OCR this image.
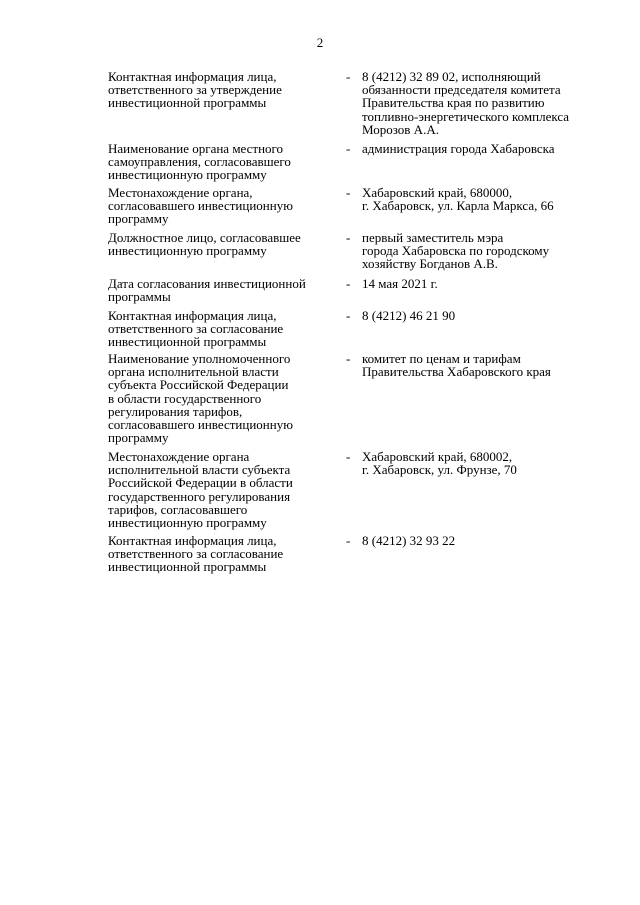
2
Контактная информация лица,
ответственного за утверждение
инвестиционной программы
- 8 (4212) 32 89 02, исполняющий
обязанности председателя комитета
Правительства края по развитию
топливно-энергетического комплекса
Морозов А.А.
Наименование органа местного
самоуправления, согласовавшего
инвестиционную программу
- администрация города Хабаровска
Местонахождение органа,
согласовавшего инвестиционную
программу
- Хабаровский край, 680000,
г. Хабаровск, ул. Карла Маркса, 66
Должностное лицо, согласовавшее
инвестиционную программу
- первый заместитель мэра
города Хабаровска по городскому
хозяйству Богданов А.В.
Дата согласования инвестиционной
программы
- 14 мая 2021 г.
Контактная информация лица,
ответственного за согласование
инвестиционной программы
- 8 (4212) 46 21 90
Наименование уполномоченного
органа исполнительной власти
субъекта Российской Федерации
в области государственного
регулирования тарифов,
согласовавшего инвестиционную
программу
- комитет по ценам и тарифам
Правительства Хабаровского края
Местонахождение органа
исполнительной власти субъекта
Российской Федерации в области
государственного регулирования
тарифов, согласовавшего
инвестиционную программу
- Хабаровский край, 680002,
г. Хабаровск, ул. Фрунзе, 70
Контактная информация лица,
ответственного за согласование
инвестиционной программы
- 8 (4212) 32 93 22
